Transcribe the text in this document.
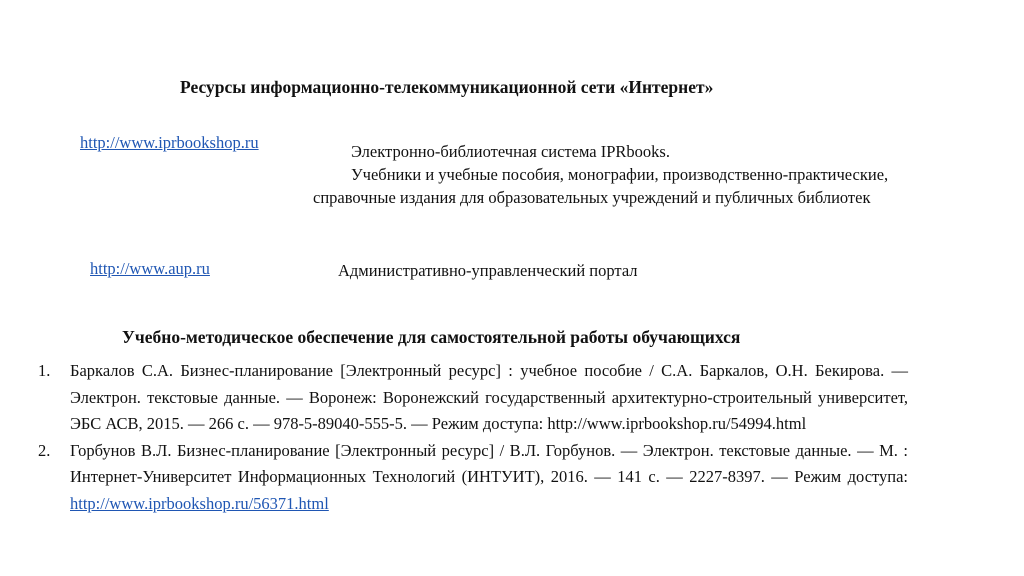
Ресурсы информационно-телекоммуникационной сети «Интернет»
http://www.iprbookshop.ru	Электронно-библиотечная система IPRbooks.
Учебники и учебные пособия, монографии, производственно-практические, справочные издания для образовательных учреждений и публичных библиотек
http://www.aup.ru	Административно-управленческий портал
Учебно-методическое обеспечение для самостоятельной работы обучающихся
1. Баркалов С.А. Бизнес-планирование [Электронный ресурс] : учебное пособие / С.А. Баркалов, О.Н. Бекирова. — Электрон. текстовые данные. — Воронеж: Воронежский государственный архитектурно-строительный университет, ЭБС АСВ, 2015. — 266 с. — 978-5-89040-555-5. — Режим доступа: http://www.iprbookshop.ru/54994.html
2. Горбунов В.Л. Бизнес-планирование [Электронный ресурс] / В.Л. Горбунов. — Электрон. текстовые данные. — М. : Интернет-Университет Информационных Технологий (ИНТУИТ), 2016. — 141 с. — 2227-8397. — Режим доступа: http://www.iprbookshop.ru/56371.html
